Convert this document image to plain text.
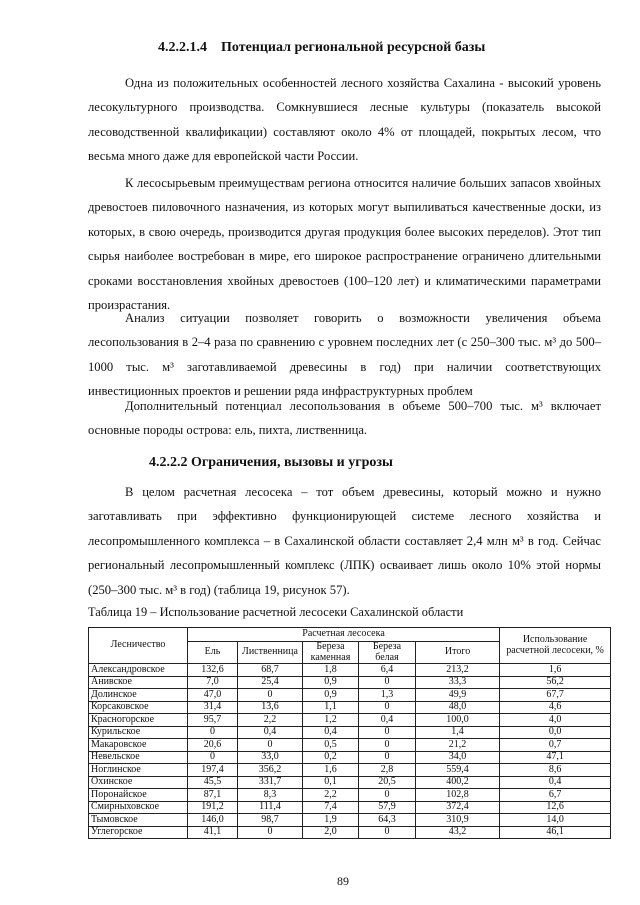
4.2.2.1.4 Потенциал региональной ресурсной базы

Одна из положительных особенностей лесного хозяйства Сахалина - высокий уровень лесокультурного производства. Сомкнувшиеся лесные культуры (показатель высокой лесоводственной квалификации) составляют около 4% от площадей, покрытых лесом, что весьма много даже для европейской части России.

К лесосырьевым преимуществам региона относится наличие больших запасов хвойных древостоев пиловочного назначения, из которых могут выпиливаться качественные доски, из которых, в свою очередь, производится другая продукция более высоких переделов). Этот тип сырья наиболее востребован в мире, его широкое распространение ограничено длительными сроками восстановления хвойных древостоев (100–120 лет) и климатическими параметрами произрастания.

Анализ ситуации позволяет говорить о возможности увеличения объема лесопользования в 2–4 раза по сравнению с уровнем последних лет (с 250–300 тыс. м³ до 500–1000 тыс. м³ заготавливаемой древесины в год) при наличии соответствующих инвестиционных проектов и решении ряда инфраструктурных проблем

Дополнительный потенциал лесопользования в объеме 500–700 тыс. м³ включает основные породы острова: ель, пихта, лиственница.

4.2.2.2 Ограничения, вызовы и угрозы

В целом расчетная лесосека – тот объем древесины, который можно и нужно заготавливать при эффективно функционирующей системе лесного хозяйства и лесопромышленного комплекса – в Сахалинской области составляет 2,4 млн м³ в год. Сейчас региональный лесопромышленный комплекс (ЛПК) осваивает лишь около 10% этой нормы (250–300 тыс. м³ в год) (таблица 19, рисунок 57).

Таблица 19 – Использование расчетной лесосеки Сахалинской области
Лесничество	Расчетная лесосека					Использование расчетной лесосеки, %
	Ель	Лиственница	Береза каменная	Береза белая	Итого	
Александровское	132,6	68,7	1,8	6,4	213,2	1,6
Анивское	7,0	25,4	0,9	0	33,3	56,2
Долинское	47,0	0	0,9	1,3	49,9	67,7
Корсаковское	31,4	13,6	1,1	0	48,0	4,6
Красногорское	95,7	2,2	1,2	0,4	100,0	4,0
Курильское	0	0,4	0,4	0	1,4	0,0
Макаровское	20,6	0	0,5	0	21,2	0,7
Невельское	0	33,0	0,2	0	34,0	47,1
Ноглинское	197,4	356,2	1,6	2,8	559,4	8,6
Охинское	45,5	331,7	0,1	20,5	400,2	0,4
Поронайское	87,1	8,3	2,2	0	102,8	6,7
Смирныховское	191,2	111,4	7,4	57,9	372,4	12,6
Тымовское	146,0	98,7	1,9	64,3	310,9	14,0
Углегорское	41,1	0	2,0	0	43,2	46,1
89
